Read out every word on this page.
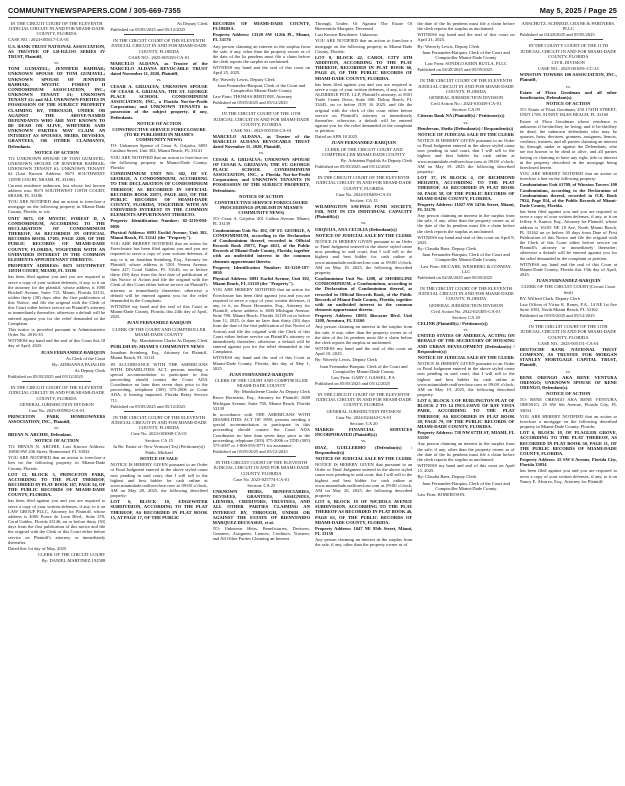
COMMUNITYNEWSPAPERS.COM / 305-669-7355	May 5, 2025 / Page 25

IN THE CIRCUIT COURT OF THE ELEVENTH JUDICIAL CIRCUIT IN AND FOR MIAMI-DADE COUNTY, FLORIDA

CASE NO.: 2024-005617-CA-01

U.S. BANK TRUST NATIONAL ASSOCIATION, AS TRUSTEE OF LB-IGLOO SERIES IV TRUST, Plaintiff,

vs.

TONI GUMAYEL; JENNIFER BAHHAK; UNKNOWN SPOUSE OF TONI GUMAYEL; UNKNOWN SPOUSE OF JENNIFER BAHHAK; MYSTIC FOREST II CONDOMINIUM ASSOCIATION, INC.; UNKNOWN TENANT #1; UNKNOWN TENANT #2; and ALL UNKNOWN PARTIES IN POSSESSION OF THE SUBJECT PROPERTY CLAIMING BY, THROUGH, UNDER OR AGAINST THE ABOVE-NAMED DEFENDANTS WHO ARE NOT KNOWN TO BE DEAD OR ALIVE, WHETHER SAID UNKNOWN PARTIES MAY CLAIM AN INTEREST AS SPOUSES, HEIRS, DEVISEES, GRANTEES, OR OTHER CLAIMANTS, Defendants.

NOTICE OF ACTION

TO: UNKNOWN SPOUSE OF TONI GUMAYEL; UNKNOWN SPOUSE OF JENNIFER BAHHAK; UNKNOWN TENANT #1; UNKNOWN TENANT #2 (Last Known Address: 8673 SOUTHWEST 118TH COURT, MIAMI, FL 33186)

Current residence unknown, but whose last known address was: 8673 SOUTHWEST 118TH COURT, MIAMI, FL 33186

YOU ARE NOTIFIED that an action to foreclose a mortgage on the following property in Miami-Dade County, Florida, to wit:

UNIT 8673, OF MYSTIC FOREST II, A CONDOMINIUM, ACCORDING TO THE DECLARATION OF CONDOMINIUM THEREOF, AS RECORDED IN OFFICIAL RECORDS BOOK 17185, PAGE 2209, OF THE PUBLIC RECORDS OF MIAMI-DADE COUNTY, FLORIDA, TOGETHER WITH AN UNDIVIDED INTEREST IN THE COMMON ELEMENTS APPURTENANT THERETO.

PROPERTY ADDRESS: 8673 SOUTHWEST 118TH COURT, MIAMI, FL 33186

has been filed against you and you are required to serve a copy of your written defenses, if any, to it on the attorney for the plaintiff, whose address is 1000 Brickell Avenue, Suite 715, Miami, Florida 33131, within thirty (30) days after the first publication of this Notice, and file the original with the Clerk of this Court either before service on Plaintiff's attorney or immediately thereafter; otherwise a default will be entered against you for the relief demanded in the Complaint.

This notice is provided pursuant to Administrative Order No. 2016-35.

WITNESS my hand and the seal of this Court this 18 day of April, 2025.

JUAN FERNANDEZ-BARQUIN

As Clerk of the Court

By: ADRIANNA PAJALIDS

As Deputy Clerk

Published on 05/05/2025 and 05/12/2025

IN THE CIRCUIT COURT OF THE ELEVENTH JUDICIAL CIRCUIT IN AND FOR MIAMI-DADE COUNTY, FLORIDA

GENERAL JURISDICTION DIVISION

Case No. 2025-005982-CA-01

PRINCETON PARK HOMEOWNERS ASSOCIATION, INC., Plaintiff,

vs.

BRYAN N. ARCHIE, Defendant.

NOTICE OF ACTION

TO: BRYAN N. ARCHIE, Last Known Address: 10830 SW 236 Street, Homestead, FL 33032

YOU ARE NOTIFIED that an action to foreclose a lien on the following property in Miami-Dade County, Florida:

LOT 12, BLOCK 3, PRINCETON PARK, ACCORDING TO THE PLAT THEREOF, RECORDED IN PLAT BOOK 167, PAGE 54, OF THE PUBLIC RECORDS OF MIAMI-DADE COUNTY, FLORIDA.

has been filed against you and you are required to serve a copy of your written defenses, if any, to it on LAW GROUP PLLC, Attorney for Plaintiff, whose address is 4000 Ponce de Leon Blvd., Suite 470, Coral Gables, Florida 33146, on or before thirty (30) days from the first publication of this notice and file the original with the Clerk of this Court either before service on Plaintiff's attorney or immediately thereafter.

Dated this 1st day of May, 2025.

CLERK OF THE CIRCUIT COURT

By: DANIEL MARTINEZ 192588

As Deputy Clerk

Published on 05/05/2025 and 05/12/2025

IN THE CIRCUIT COURT OF THE ELEVENTH JUDICIAL CIRCUIT IN AND FOR MIAMI-DADE COUNTY, FLORIDA

CASE NO.: 2025-005350-CA-01

MARCELO ALDANA, as Trustee of the MARCELO ALDANA REVOCABLE TRUST dated November 11, 2020, Plaintiff,

vs.

CESAR A. GRIJALVA; UNKNOWN SPOUSE OF CESAR A. GRIJALVA; THE ST. GEORGE PLACE SCHOOL CONDOMINIUM ASSOCIATION, INC., a Florida Not-for-Profit Corporation; and UNKNOWN TENANTS in possession of the subject property, if any, Defendants.

NOTICE OF ACTION

CONSTRUCTIVE SERVICE FORECLOSURE (TO BE PUBLISHED IN MIAMI'S COMMUNITY NEWS)

TO: Unknown Spouse of Cesar A. Grijalva, 6091 Catalina Street, Unit 302, Miami Beach, FL 33141

YOU ARE NOTIFIED that an action to foreclose on the following property in Miami-Dade County, Florida:

CONDOMINIUM UNIT NO. 302, OF ST. GEORGE, A CONDOMINIUM, ACCORDING TO THE DECLARATION OF CONDOMINIUM THEREOF, AS RECORDED IN OFFICIAL RECORDS BOOK 25871, PAGE 4611, OF THE PUBLIC RECORDS OF MIAMI-DADE COUNTY, FLORIDA, TOGETHER WITH AN UNDIVIDED INTEREST IN THE COMMON ELEMENTS APPURTENANT THERETO.

Property Identification Number: 02-3210-094-0050

Physical Address: 6091 Euclid Avenue, Unit 302, Miami Beach, FL 33141 (the "Property").

YOU ARE HEREBY NOTIFIED that an action for Foreclosure has been filed against you and you are required to serve a copy of your written defenses, if any, to it, on Jonathan Steinberg, Esq., Attorney for Plaintiff, whose address is 1501 Venera Avenue, Suite 227, Coral Gables, FL 33146, on or before thirty (30) days from the first date of publication of this Notice of Action and file the original with the Clerk of this Court either before service on Plaintiff's attorney or immediately thereafter; otherwise a default will be entered against you for the relief demanded in the Complaint.

WITNESS my hand and the seal of this Court at Miami-Dade County, Florida, this 24th day of April, 2025.

JUAN FERNANDEZ-BARQUIN

CLERK OF THE COURT AND COMPTROLLER MIAMI-DADE COUNTY

By: Marshaleene Clarke As Deputy Clerk

PUBLISH IN: MIAMI'S COMMUNITY NEWS

Jonathan Steinberg, Esq., Attorney for Plaintiff, Miami Beach, FL 33141

IN ACCORDANCE WITH THE AMERICANS WITH DISABILITIES ACT, persons needing a special accommodation to participate in this proceeding should contact the Court ADA Coordinator no later than seven days prior to the proceeding, telephone (305) 375-2006 or Court ADA, if hearing impaired, Florida Relay Service 711.

Published on 05/05/2025 and 05/12/2025

IN THE CIRCUIT COURT OF THE ELEVENTH JUDICIAL CIRCUIT IN AND FOR MIAMI-DADE COUNTY, FLORIDA

Case No. 2023-003008-CA-01

Section: CA 15

In Re: Estate of: New Vermon (Trs) (Petitioner(s))

Pablo, Michael

NOTICE OF SALE

NOTICE IS HEREBY GIVEN pursuant to an Order or Final Judgment entered in the above styled cause now pending in said court, that I will sell to the highest and best bidder for cash online at www.miamidade.realforeclose.com at 09:00 o'clock, AM on May 28, 2025, the following described property:

LOT 6, BLOCK 10, EDGEWATER SUBDIVISION, ACCORDING TO THE PLAT THEREOF, AS RECORDED IN PLAT BOOK 15, AT PAGE 17, OF THE PUBLIC

RECORDS OF MIAMI-DADE COUNTY, FLORIDA.

Property Address: 13320 SW 112th Pl., Miami, FL 33176

Any person claiming an interest in the surplus from the sale, if any, other than the property owner as of the date of the lis pendens must file a claim before the clerk reports the surplus as unclaimed.

WITNESS my hand and the seal of this court on April 25, 2025.

By: Waverly Lewis, Deputy Clerk

Juan Fernandez-Barquin, Clerk of the Court and Comptroller Miami-Dade County

Law Firm: THOMAS BERTONE, Attorney

Published on 05/05/2025 and 05/12/2025

IN THE CIRCUIT COURT OF THE 11TH JUDICIAL CIRCUIT IN AND FOR MIAMI-DADE COUNTY, FLORIDA

CASE NO.: 2025-005350-CA-01

MARCELO ALDANA, as Trustee of the MARCELO ALDANA REVOCABLE TRUST dated November 11, 2020, Plaintiff,

vs.

CESAR A. GRIJALVA; UNKNOWN SPOUSE OF CESAR A. GRIJALVA; THE ST. GEORGE PLACE SCHOOL CONDOMINIUM ASSOCIATION, INC., a Florida Not-for-Profit Corporation; and UNKNOWN TENANTS IN POSSESSION OF THE SUBJECT PROPERTY, Defendants.

NOTICE OF ACTION

CONSTRUCTIVE SERVICE FORECLOSURE PROCEEDINGS (PUBLISH IN MIAMI'S COMMUNITY NEWS)

TO: Cesar A. Grijalva, 401 Catlina Avenue, Miami, FL 33139

Condominium Unit No. 302, OF ST. GEORGE, A CONDOMINIUM, according to the Declaration of Condominium thereof, recorded in Official Records Book 25871, Page 4611, of the Public Records of Miami-Dade County, Florida, together with an undivided interest in the common elements appurtenant thereto.

Property Identification Number: 02-3210-187-0050

Physical Address: 6091 Euclid Avenue, Unit 302, Miami Beach, FL 33139 (the "Property").

YOU ARE HEREBY NOTIFIED that an action for Foreclosure has been filed against you and you are required to serve a copy of your written defenses, if any, to it, on Bruce Hornstein, Esq., Attorney for Plaintiff, whose address is 1680 Michigan Avenue, Suite 700, Miami Beach, Florida 33139 on or before June 11, 2025, (a date no later than thirty (30) days from the date of the first publication of this Notice of Action) and file the original with the Clerk of this Court either before service on Plaintiff's attorney or immediately thereafter; otherwise, a default will be entered against you for the relief demanded in the Complaint.

WITNESS my hand and the seal of this Court at Miami-Dade County, Florida, this day of May 1, 2025.

JUAN FERNANDEZ-BARQUIN

CLERK OF THE COURT AND COMPTROLLER MIAMI-DADE COUNTY

By: Marshaleene Clarke As Deputy Clerk

Bruce Hornstein, Esq., Attorney for Plaintiff, 1680 Michigan Avenue, Suite 700, Miami Beach, Florida 33139

In accordance with THE AMERICANS WITH DISABILITIES ACT OF 1990, persons needing a special accommodation to participate in this proceeding should contact the Court ADA Coordinator no later than seven days prior to the proceeding; telephone (305) 375-2006 or TDD (305) 375-2007 or 1-800-955-8771 for assistance.

Published on 05/05/2025 and 05/12/2025

IN THE CIRCUIT COURT OF THE ELEVENTH JUDICIAL CIRCUIT IN AND FOR MIAMI-DADE COUNTY, FLORIDA

Case No. 2023-025774-CA-01

Section: CA 25

UNKNOWN HEIRS, BENEFICIARIES, DEVISEES, GRANTEES, ASSIGNEES, LIENORS, CREDITORS, TRUSTEES, AND ALL OTHER PARTIES CLAIMING AN INTEREST BY, THROUGH, UNDER OR AGAINST THE ESTATE OF BIENVENIDO MARQUEZ DECEASED, et al.

TO: Unknown Heirs, Beneficiaries, Devisees, Grantees, Assignees, Lienors, Creditors, Trustees, and All Other Parties Claiming an Interest

Through, Under, Or Against The Estate Of Bienvenido Marquez, Deceased

Last Known Residence: Unknown

YOU ARE NOTIFIED that an action to foreclose a mortgage on the following property in Miami-Dade County, Florida:

LOT 8, BLOCK 42, CAROL CITY 6TH ADDITION, ACCORDING TO THE PLAT THEREOF, RECORDED IN PLAT BOOK 66, PAGE 43, OF THE PUBLIC RECORDS OF MIAMI-DADE COUNTY, FLORIDA.

has been filed against you and you are required to serve a copy of your written defenses, if any, to it on ALDRIDGE PITE, LLP, Plaintiff's attorney, at 8501 Trade Center Drive, Suite 300, Delray Beach, FL 33445, on or before JUN 16 2025, and file the original with the clerk of this court either before service on Plaintiff's attorney or immediately thereafter; otherwise, a default will be entered against you for the relief demanded in the complaint or petition.

Dated on APR 18 2025.

JUAN FERNANDEZ-BARQUIN

CLERK OF THE CIRCUIT COURT AND COMPTROLLER MIAMI-DADE COUNTY

By: Adrianna Pajalids As Deputy Clerk

Published on 05/05/2025 and 05/12/2025

IN THE CIRCUIT COURT OF THE ELEVENTH JUDICIAL CIRCUIT IN AND FOR MIAMI-DADE COUNTY, FLORIDA

Case No. 2024-018409-CA-01

Section: CA 15

WILMINGTON SAVINGS FUND SOCIETY, FSB, NOT IN ITS INDIVIDUAL CAPACITY (Plaintiff(s))

vs.

URQUIJA, ANA CECILIA (Defendant(s))

NOTICE OF JUDICIAL SALE BY THE CLERK

NOTICE IS HEREBY GIVEN pursuant to an Order or Final Judgment entered in the above styled cause now pending in said court, that I will sell to the highest and best bidder for cash online at www.miamidade.realforeclose.com at 09:00 o'clock, AM on May 19, 2025, the following described property:

Condominium Unit No. 1208, of SHORELINE CONDOMINIUM, a Condominium, according to the Declaration of Condominium thereof, as recorded in Official Records Book, of the Public Records of Miami-Dade County, Florida, together with an undivided interest in the common elements appurtenant thereto.

Property Address: 18051 Biscayne Blvd, Unit 1208, Aventura, FL 33160

Any person claiming an interest in the surplus from the sale, if any, other than the property owner as of the date of the lis pendens must file a claim before the clerk reports the surplus as unclaimed.

WITNESS my hand and the seal of this court on April 10, 2025.

By: Waverly Lewis, Deputy Clerk

Juan Fernandez-Barquin, Clerk of the Court and Comptroller Miami-Dade County

Law Firm: GARY I. GASSEL, P.A.

Published on 05/05/2025 and 05/12/2025

IN THE CIRCUIT COURT OF THE ELEVENTH JUDICIAL CIRCUIT IN AND FOR MIAMI-DADE COUNTY, FLORIDA

GENERAL JURISDICTION DIVISION

Case No. 2024-024444-CA-01

Section: CA 20

MARKIS FINANCIAL SERVICES INCORPORATED (Plaintiff(s))

vs.

DIAZ, GUILLERMO (Defendant(s) / Respondent(s))

NOTICE OF JUDICIAL SALE BY THE CLERK

NOTICE IS HEREBY GIVEN that pursuant to an Order or Final Judgment entered in the above styled cause now pending in said court, that I will sell to the highest and best bidder for cash online at www.miamidade.realforeclose.com at 09:00 o'clock, AM on May 20, 2025, the following described property:

LOT 6, BLOCK 19 OF NICHOLS AVENUE SUBDIVISION, ACCORDING TO THE PLAT THEREOF AS RECORDED IN PLAT BOOK 46, PAGE 63, OF THE PUBLIC RECORDS OF MIAMI-DADE COUNTY, FLORIDA.

Property Address: 1047 NE 95th Street, Miami, FL 33138

Any person claiming an interest in the surplus from the sale, if any, other than the property owner as of

the date of the lis pendens must file a claim before the clerk reports the surplus as unclaimed.

WITNESS my hand and the seal of this court on April 21, 2025.

By: Waverly Lewis, Deputy Clerk

Juan Fernandez-Barquin, Clerk of the Court and Comptroller Miami-Dade County

Law Firm: SONDLO KERN BUTLA, PLLC

Published on 04/28/2025 and 05/05/2025

IN THE CIRCUIT COURT OF THE ELEVENTH JUDICIAL CIRCUIT IN AND FOR MIAMI-DADE COUNTY, FLORIDA

GENERAL JURISDICTION DIVISION

Civil Action No.: 2024-010439-CA-01

Section: CA 09

Citizens Bank NA (Plaintiff(s) / Petitioner(s))

vs.

Henderson, Sheila (Defendant(s) / Respondent(s))

NOTICE OF JUDICIAL SALE BY THE CLERK

NOTICE IS HEREBY GIVEN pursuant to an Order or Final Judgment entered in the above styled cause now pending in said court, that I will sell to the highest and best bidder for cash online at www.miamidade.realforeclose.com at 09:00 o'clock, AM on May 19, 2025 the following described property:

LOT 37, IN BLOCK 4, OF RICHMOND HEIGHTS, ACCORDING TO THE PLAT THEREOF, AS RECORDED IN PLAT BOOK 50, PAGE 58, OF THE PUBLIC RECORDS OF MIAMI-DADE COUNTY, FLORIDA.

Property Address: 11027 SW 147th Street, Miami, FL 33176

Any person claiming an interest in the surplus from the sale, if any, other than the property owner as of the date of the lis pendens must file a claim before the clerk reports the surplus as unclaimed.

WITNESS my hand and seal of this court on April 9, 2025.

By: Claudia Baez, Deputy Clerk

Juan Fernandez-Barquin, Clerk of the Court and Comptroller Miami-Dade County

Law Firm: MCCABE, WEISBERG & CONWAY, LLC

Published on 04/28/2025 and 05/05/2025

IN THE CIRCUIT COURT OF THE ELEVENTH JUDICIAL CIRCUIT IN AND FOR MIAMI-DADE COUNTY, FLORIDA

GENERAL JURISDICTION DIVISION

Civil Action No. 2022-021485-CA-01

Section: CA 20

CELINK (Plaintiff(s) / Petitioner(s))

vs.

UNITED STATES OF AMERICA, ACTING ON BEHALF OF THE SECRETARY OF HOUSING AND URBAN DEVELOPMENT (Defendant(s) / Respondent(s))

NOTICE OF JUDICIAL SALE BY THE CLERK

NOTICE IS HEREBY GIVEN pursuant to an Order or Final Judgment entered in the above styled cause now pending in said court, that I will sell to the highest and best bidder for cash online at www.miamidade.realforeclose.com at 09:00 o'clock, AM on May 19, 2025, the following described property:

LOT 6, BLOCK 3 OF BURLINGTON PLAT OF BLOCK 2 TO 14 INCLUSIVE OF BAY VISTA PARK, ACCORDING TO THE PLAT THEREOF, AS RECORDED IN PLAT BOOK 28, PAGE 79, OF THE PUBLIC RECORDS OF MIAMI-DADE COUNTY, FLORIDA.

Property Address: 738 NW 67TH ST, MIAMI, FL 33150

Any person claiming an interest in the surplus from the sale, if any, other than the property owner as of the date of the lis pendens must file a claim before the clerk reports the surplus as unclaimed.

WITNESS my hand and seal of this court on April 15, 2025.

By: Claudia Baez, Deputy Clerk

Juan Fernandez-Barquin, Clerk of the Court and Comptroller Miami-Dade County

Law Firm: ROBERTSON,

ANSCHUTZ, SCHNEID, CRANE & PARTNERS, PLLC

Published on 04/28/2025 and 05/05/2025

IN THE COUNTY COURT OF THE 11TH JUDICIAL CIRCUIT IN AND FOR MIAMI-DADE COUNTY, FLORIDA

CIVIL DIVISION

CASE NO.: 2025-001091-CC-23

WINSTON TOWERS 100 ASSOCIATION, INC., Plaintiff,

vs.

Estate of Flora Goodman and all other beneficiaries, Defendant(s).

NOTICE OF ACTION

TO: Estate of Flora Goodman, 250 174TH STREET, UNIT 1709, SUNNY ISLES BEACH, FL 33160

Estate of Flora Goodman whose residence is unknown if he/she/they be living; and if he/she/they be dead, the unknown defendants who may be spouses, heirs, devisees, grantees, assignees, lienors, creditors, trustees, and all parties claiming an interest by, through, under or against the Defendants, who are not known to be dead or alive, and all parties having or claiming to have any right, title or interest in the property described in the mortgage being foreclosed herein.

YOU ARE HEREBY NOTIFIED that an action to foreclose a lien on the following property:

Condominium Unit #1709, of Winston Towers 100 Condominium, according to the Declaration of Condominium thereof, recorded in O.R. Book 7924, Page 814, of the Public Records of Miami-Dade County, Florida.

has been filed against you and you are required to serve a copy of your written defenses, if any, to it on Jeffrey S. Kantor, Esq., Attorney for Plaintiff, whose address is 16105 NE 18 Ave, North Miami Beach, FL 33162 on or before 30 days from Date of First Publication of this Notice and file the original with the Clerk of this Court either before service on Plaintiff's attorney or immediately thereafter; otherwise a default will be entered against you for the relief demanded in the complaint or petition.

WITNESS my hand and the seal of this Court at Miami-Dade County, Florida this 15th day of April, 2025.

JUAN FERNANDEZ-BARQUIN

CLERK OF THE CIRCUIT COURT (Circuit Court Seal)

BY: Wilfred Clark, Deputy Clerk

Law Offices of Victor K. Rones, P.A., 14 NE 1st Ave Suite 1003, North Miami Beach, FL 33162

Published on 05/05/2025 and 05/12/2025

IN THE CIRCUIT COURT OF THE 11TH JUDICIAL CIRCUIT IN AND FOR MIAMI-DADE COUNTY, FLORIDA

CASE NO.: 2025-005151-CA-01

DEUTSCHE BANK NATIONAL TRUST COMPANY, AS TRUSTEE FOR MORGAN STANLEY MORTGAGE CAPITAL TRUST, Plaintiff,

vs.

RENE ORENGO AKA RENE VENTURA ORENGO; UNKNOWN SPOUSE OF RENE ORENGO, Defendant(s).

NOTICE OF ACTION

TO: RENE ORENGO AKA RENE VENTURA ORENGO, 25 SW 6th Avenue, Florida City, FL 33034

YOU ARE HEREBY NOTIFIED that an action to foreclose a mortgage on the following described property in Miami-Dade County, Florida:

LOT 6, BLOCK 18, OF FLAGLER GROVE, ACCORDING TO THE PLAT THEREOF, AS RECORDED IN PLAT BOOK 50, PAGE 11, OF THE PUBLIC RECORDS OF MIAMI-DADE COUNTY, FLORIDA.

Property Address: 25 SW 6 Avenue, Florida City, Florida 33034

has been filed against you and you are required to serve a copy of your written defenses, if any, to it on Nancy E. Alvarez, Esq., Attorney for Plaintiff.
